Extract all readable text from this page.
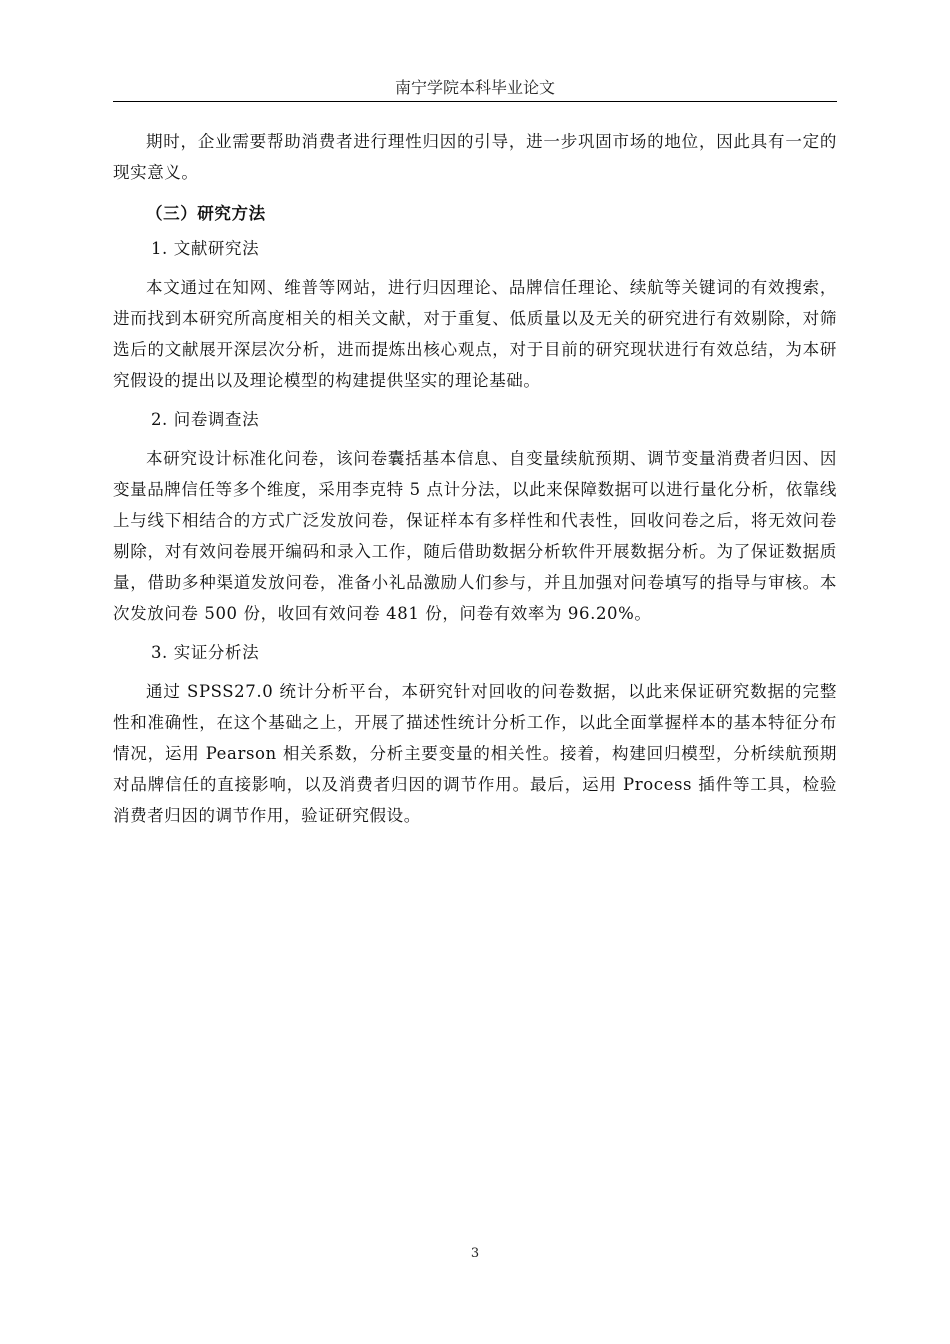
南宁学院本科毕业论文

期时，企业需要帮助消费者进行理性归因的引导，进一步巩固市场的地位，因此具有一定的现实意义。

（三）研究方法
1. 文献研究法

本文通过在知网、维普等网站，进行归因理论、品牌信任理论、续航等关键词的有效搜索，进而找到本研究所高度相关的相关文献，对于重复、低质量以及无关的研究进行有效剔除，对筛选后的文献展开深层次分析，进而提炼出核心观点，对于目前的研究现状进行有效总结，为本研究假设的提出以及理论模型的构建提供坚实的理论基础。

2. 问卷调查法

本研究设计标准化问卷，该问卷囊括基本信息、自变量续航预期、调节变量消费者归因、因变量品牌信任等多个维度，采用李克特 5 点计分法，以此来保障数据可以进行量化分析，依靠线上与线下相结合的方式广泛发放问卷，保证样本有多样性和代表性，回收问卷之后，将无效问卷剔除，对有效问卷展开编码和录入工作，随后借助数据分析软件开展数据分析。为了保证数据质量，借助多种渠道发放问卷，准备小礼品激励人们参与，并且加强对问卷填写的指导与审核。本次发放问卷 500 份，收回有效问卷 481 份，问卷有效率为 96.20%。

3. 实证分析法

通过 SPSS27.0 统计分析平台，本研究针对回收的问卷数据，以此来保证研究数据的完整性和准确性，在这个基础之上，开展了描述性统计分析工作，以此全面掌握样本的基本特征分布情况，运用 Pearson 相关系数，分析主要变量的相关性。接着，构建回归模型，分析续航预期对品牌信任的直接影响，以及消费者归因的调节作用。最后，运用 Process 插件等工具，检验消费者归因的调节作用，验证研究假设。

3
